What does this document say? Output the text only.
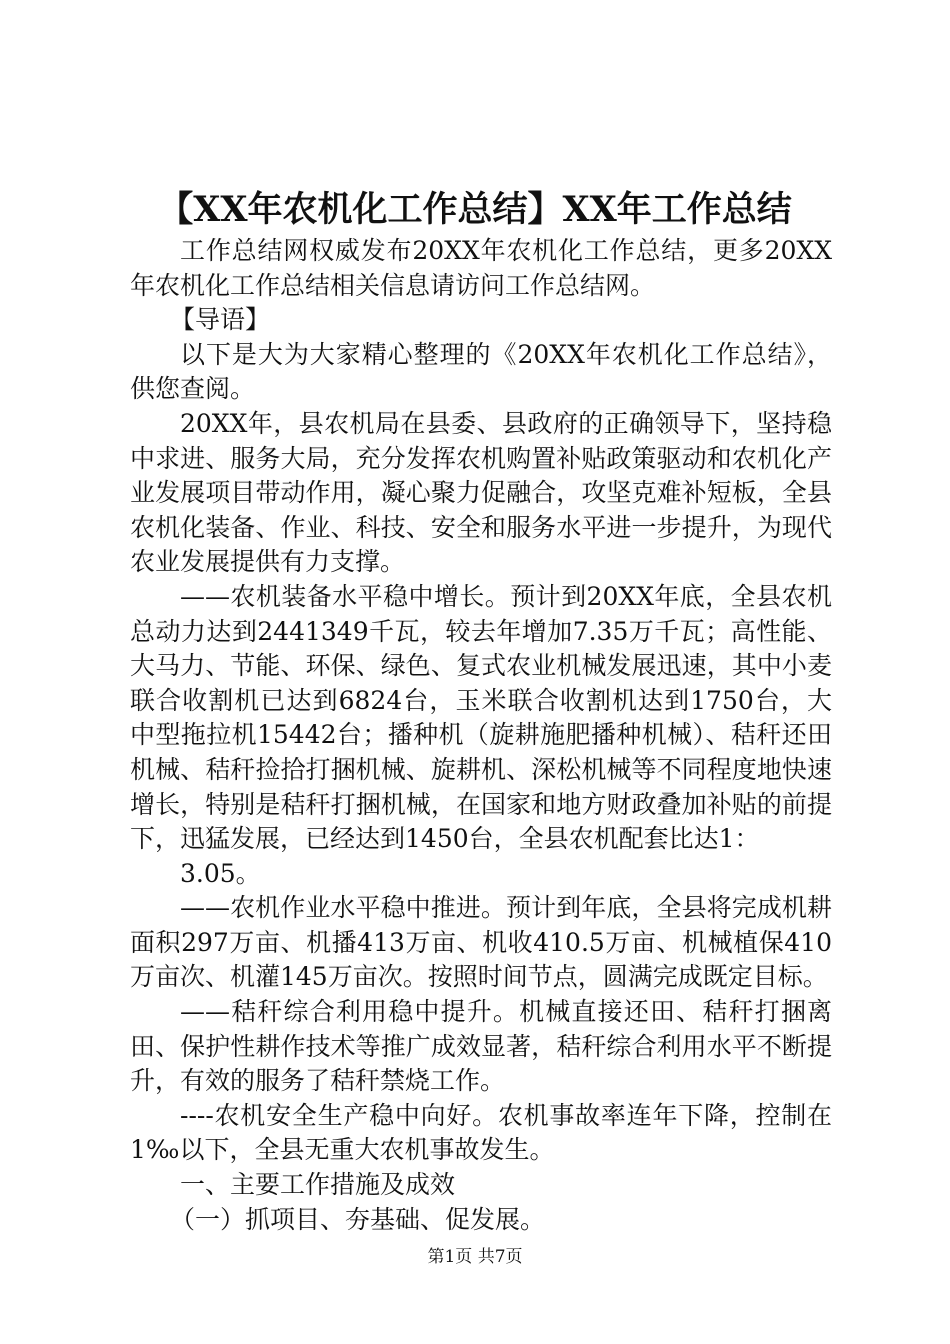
【XX年农机化工作总结】XX年工作总结

工作总结网权威发布20XX年农机化工作总结，更多20XX年农机化工作总结相关信息请访问工作总结网。

【导语】

以下是大为大家精心整理的《20XX年农机化工作总结》，供您查阅。

20XX年，县农机局在县委、县政府的正确领导下，坚持稳中求进、服务大局，充分发挥农机购置补贴政策驱动和农机化产业发展项目带动作用，凝心聚力促融合，攻坚克难补短板，全县农机化装备、作业、科技、安全和服务水平进一步提升，为现代农业发展提供有力支撑。

——农机装备水平稳中增长。预计到20XX年底，全县农机总动力达到2441349千瓦，较去年增加7.35万千瓦；高性能、大马力、节能、环保、绿色、复式农业机械发展迅速，其中小麦联合收割机已达到6824台，玉米联合收割机达到1750台，大中型拖拉机15442台；播种机（旋耕施肥播种机械）、秸秆还田机械、秸秆捡拾打捆机械、旋耕机、深松机械等不同程度地快速增长，特别是秸秆打捆机械，在国家和地方财政叠加补贴的前提下，迅猛发展，已经达到1450台，全县农机配套比达1：

3.05。

——农机作业水平稳中推进。预计到年底，全县将完成机耕面积297万亩、机播413万亩、机收410.5万亩、机械植保410万亩次、机灌145万亩次。按照时间节点，圆满完成既定目标。

——秸秆综合利用稳中提升。机械直接还田、秸秆打捆离田、保护性耕作技术等推广成效显著，秸秆综合利用水平不断提升，有效的服务了秸秆禁烧工作。

----农机安全生产稳中向好。农机事故率连年下降，控制在1‰以下，全县无重大农机事故发生。

一、主要工作措施及成效

（一）抓项目、夯基础、促发展。

第1页 共7页
